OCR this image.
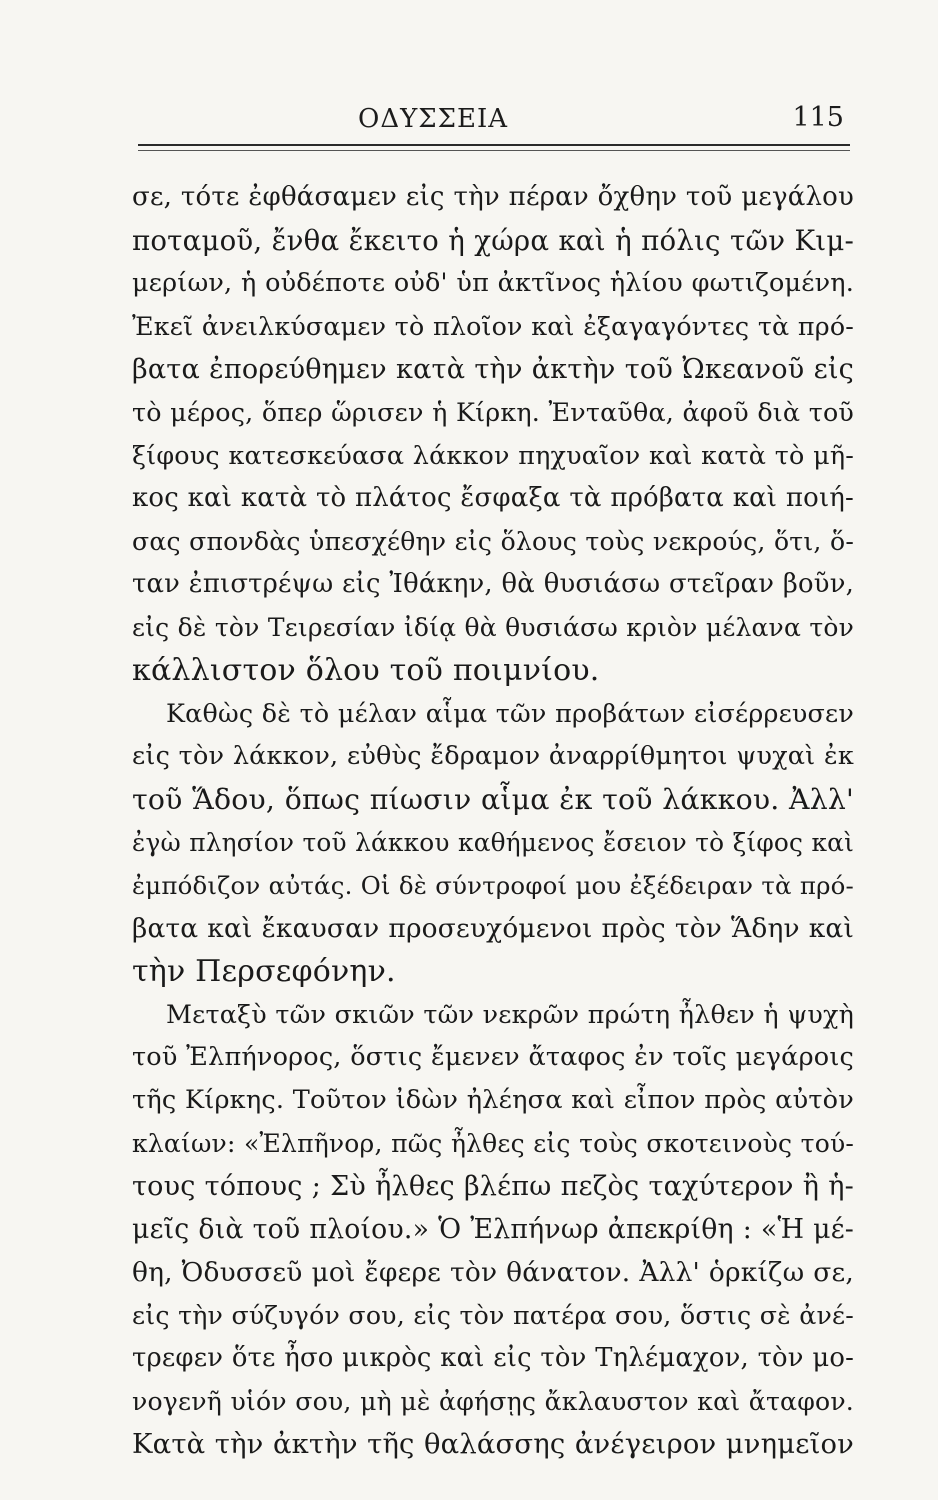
ΟΔΥΣΣΕΙΑ	115
σε, τότε ἐφθάσαμεν εἰς τὴν πέραν ὄχθην τοῦ μεγάλου
ποταμοῦ, ἔνθα ἔκειτο ἡ χώρα καὶ ἡ πόλις τῶν Κιμ-
μερίων, ἡ οὐδέποτε οὐδ' ὑπ ἀκτῖνος ἡλίου φωτιζομένη.
Ἐκεῖ ἀνειλκύσαμεν τὸ πλοῖον καὶ ἐξαγαγόντες τὰ πρό-
βατα ἐπορεύθημεν κατὰ τὴν ἀκτὴν τοῦ Ὠκεανοῦ εἰς
τὸ μέρος, ὅπερ ὥρισεν ἡ Κίρκη. Ἐνταῦθα, ἀφοῦ διὰ τοῦ
ξίφους κατεσκεύασα λάκκον πηχυαῖον καὶ κατὰ τὸ μῆ-
κος καὶ κατὰ τὸ πλάτος ἔσφαξα τὰ πρόβατα καὶ ποιή-
σας σπονδὰς ὑπεσχέθην εἰς ὅλους τοὺς νεκρούς, ὅτι, ὅ-
ταν ἐπιστρέψω εἰς Ἰθάκην, θὰ θυσιάσω στεῖραν βοῦν,
εἰς δὲ τὸν Τειρεσίαν ἰδίᾳ θὰ θυσιάσω κριὸν μέλανα τὸν
κάλλιστον ὅλου τοῦ ποιμνίου.
Καθὼς δὲ τὸ μέλαν αἷμα τῶν προβάτων εἰσέρρευσεν
εἰς τὸν λάκκον, εὐθὺς ἔδραμον ἀναρρίθμητοι ψυχαὶ ἐκ
τοῦ Ἅδου, ὅπως πίωσιν αἷμα ἐκ τοῦ λάκκου. Ἀλλ'
ἐγὼ πλησίον τοῦ λάκκου καθήμενος ἔσειον τὸ ξίφος καὶ
ἐμπόδιζον αὐτάς. Οἱ δὲ σύντροφοί μου ἐξέδειραν τὰ πρό-
βατα καὶ ἔκαυσαν προσευχόμενοι πρὸς τὸν Ἅδην καὶ
τὴν Περσεφόνην.
Μεταξὺ τῶν σκιῶν τῶν νεκρῶν πρώτη ἦλθεν ἡ ψυχὴ
τοῦ Ἐλπήνορος, ὅστις ἔμενεν ἄταφος ἐν τοῖς μεγάροις
τῆς Κίρκης. Τοῦτον ἰδὼν ἠλέησα καὶ εἶπον πρὸς αὐτὸν
κλαίων: «Ἐλπῆνορ, πῶς ἦλθες εἰς τοὺς σκοτεινοὺς τού-
τους τόπους ; Σὺ ἦλθες βλέπω πεζὸς ταχύτερον ἢ ἡ-
μεῖς διὰ τοῦ πλοίου.» Ὁ Ἐλπήνωρ ἀπεκρίθη : «Ἡ μέ-
θη, Ὀδυσσεῦ μοὶ ἔφερε τὸν θάνατον. Ἀλλ' ὁρκίζω σε,
εἰς τὴν σύζυγόν σου, εἰς τὸν πατέρα σου, ὅστις σὲ ἀνέ-
τρεφεν ὅτε ἦσο μικρὸς καὶ εἰς τὸν Τηλέμαχον, τὸν μο-
νογενῆ υἱόν σου, μὴ μὲ ἀφήσῃς ἄκλαυστον καὶ ἄταφον.
Κατὰ τὴν ἀκτὴν τῆς θαλάσσης ἀνέγειρον μνημεῖον
